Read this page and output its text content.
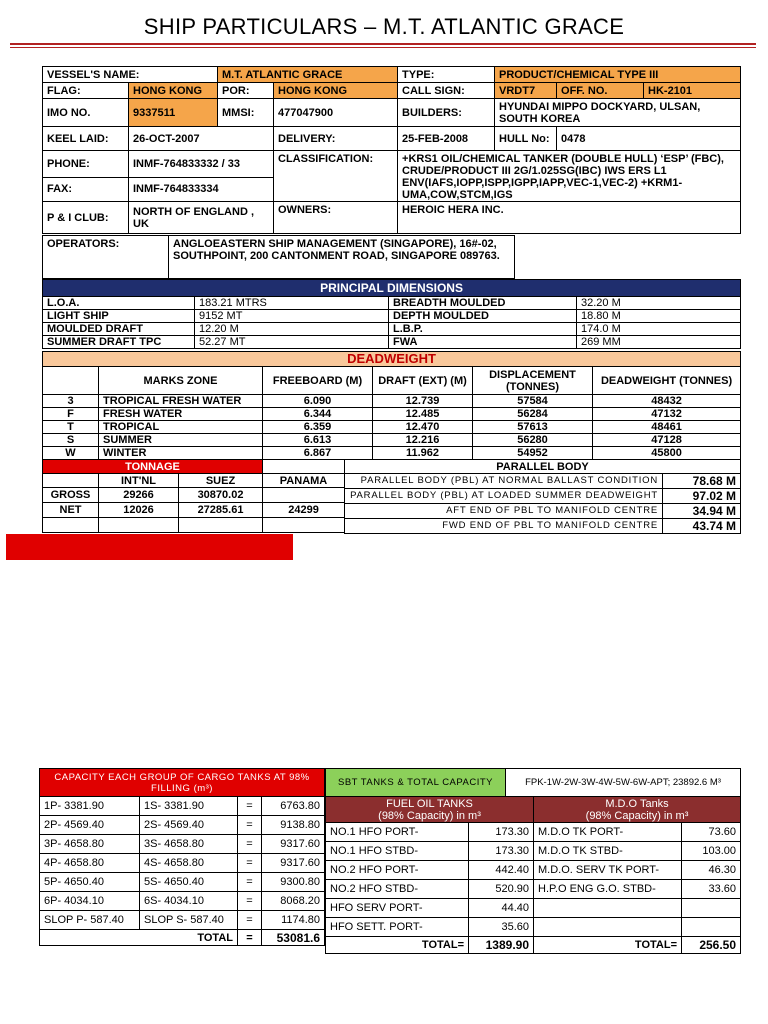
SHIP PARTICULARS – M.T. ATLANTIC GRACE
VESSEL'S NAME:		M.T. ATLANTIC GRACE		TYPE:	PRODUCT/CHEMICAL TYPE III		
FLAG:	HONG KONG	POR:	HONG KONG	CALL SIGN:	VRDT7	OFF. NO.	HK-2101
IMO NO.	9337511	MMSI:	477047900	BUILDERS:	HYUNDAI MIPPO DOCKYARD, ULSAN, SOUTH KOREA		
KEEL LAID:	26-OCT-2007		DELIVERY:	25-FEB-2008	HULL No:	0478	
PHONE:	INMF-764833332 / 33		CLASSIFICATION:	+KRS1 OIL/CHEMICAL TANKER (DOUBLE HULL) ‘ESP’ (FBC), CRUDE/PRODUCT III 2G/1.025SG(IBC) IWS ERS L1 ENV(IAFS,IOPP,ISPP,IGPP,IAPP,VEC-1,VEC-2) +KRM1- UMA,COW,STCM,IGS			
FAX:	INMF-764833334						
P & I CLUB:	NORTH OF ENGLAND , UK		OWNERS:	HEROIC HERA INC.			
OPERATORS:	ANGLOEASTERN SHIP MANAGEMENT (SINGAPORE), 16#-02, SOUTHPOINT, 200 CANTONMENT ROAD, SINGAPORE 089763.
PRINCIPAL DIMENSIONS			
L.O.A.	183.21 MTRS	BREADTH MOULDED	32.20 M
LIGHT SHIP	9152 MT	DEPTH MOULDED	18.80 M
MOULDED DRAFT	12.20 M	L.B.P.	174.0 M
SUMMER DRAFT TPC	52.27 MT	FWA	269 MM
DEADWEIGHT					
	MARKS ZONE	FREEBOARD (M)	DRAFT (EXT) (M)	DISPLACEMENT (TONNES)	DEADWEIGHT (TONNES)
3	TROPICAL FRESH WATER	6.090	12.739	57584	48432
F	FRESH WATER	6.344	12.485	56284	47132
T	TROPICAL	6.359	12.470	57613	48461
S	SUMMER	6.613	12.216	56280	47128
W	WINTER	6.867	11.962	54952	45800
TONNAGE			
	INT'NL	SUEZ	PANAMA
GROSS	29266	30870.02	
NET	12026	27285.61	24299

PARALLEL BODY	
PARALLEL BODY (PBL) AT NORMAL BALLAST CONDITION	78.68 M
PARALLEL BODY (PBL) AT LOADED SUMMER DEADWEIGHT	97.02 M
AFT END OF PBL TO MANIFOLD CENTRE	34.94 M
FWD END OF PBL TO MANIFOLD CENTRE	43.74 M
CAPACITY EACH GROUP OF CARGO TANKS AT 98% FILLING (m³)			
1P- 3381.90	1S- 3381.90	=	6763.80
2P- 4569.40	2S- 4569.40	=	9138.80
3P- 4658.80	3S- 4658.80	=	9317.60
4P- 4658.80	4S- 4658.80	=	9317.60
5P- 4650.40	5S- 4650.40	=	9300.80
6P- 4034.10	6S- 4034.10	=	8068.20
SLOP P- 587.40	SLOP S- 587.40	=	1174.80
	TOTAL	=	53081.6
SBT TANKS & TOTAL CAPACITY	FPK-1W-2W-3W-4W-5W-6W-APT; 23892.6 M³
FUEL OIL TANKS
(98% Capacity) in m³	
NO.1 HFO PORT-	173.30
NO.1 HFO STBD-	173.30
NO.2 HFO PORT-	442.40
NO.2 HFO STBD-	520.90
HFO SERV PORT-	44.40
HFO SETT. PORT-	35.60
TOTAL=	1389.90
M.D.O Tanks
(98% Capacity) in m³	
M.D.O TK PORT-	73.60
M.D.O TK STBD-	103.00
M.D.O. SERV TK PORT-	46.30
H.P.O ENG G.O. STBD-	33.60

TOTAL=	256.50
